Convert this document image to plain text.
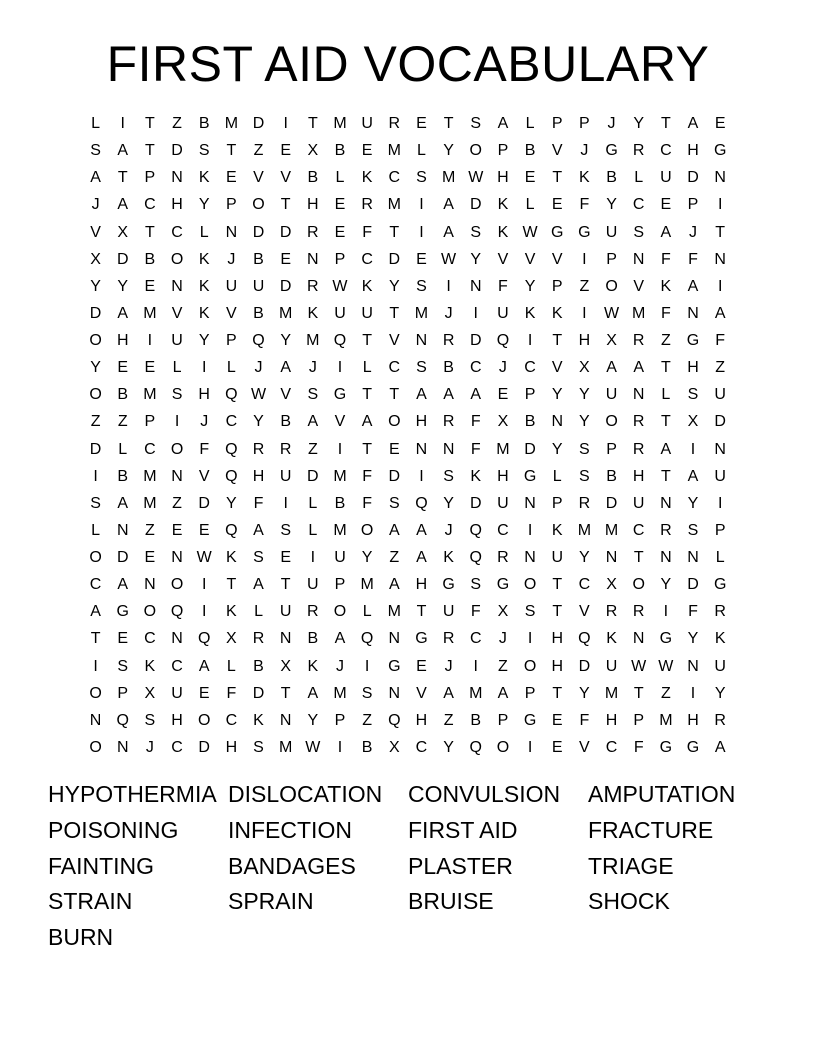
FIRST AID VOCABULARY
L	I	T	Z	B M D	I	T M U R	E	T	S	A	L	P	P	J	Y	T	A	E
S	A	T	D	S	T	Z	E	X	B	E M	L	Y O P	B	V	J	G R C H G
A	T	P	N	K	E	V	V	B	L	K	C	S M W H	E	T	K	B	L	U D N
J	A	C H	Y	P O	T	H	E	R M	I	A	D	K	L	E	F	Y	C	E	P	I
V	X	T	C	L	N D D R	E	F	T	I	A	S	K W G G U	S	A	J	T
X	D	B O K	J	B	E	N	P	C D	E W Y	V	V	V	I	P	N	F	F	N
Y	Y	E	N	K	U U D R W K	Y	S	I	N	F	Y	P	Z	O V	K	A	I
D	A M V	K	V	B M K	U U	T M	J	I	U	K	K	I	W M F	N	A
O H	I	U	Y	P Q Y M Q	T	V	N R D Q	I	T	H	X	R	Z	G	F
Y	E	E	L	I	L	J	A	J	I	L	C	S	B	C	J	C	V	X	A	A	T	H	Z
O B M S	H Q W V	S G	T	T	A	A	A	E	P	Y	Y	U N	L	S	U
Z	Z	P	I	J	C	Y	B	A	V	A O H R	F	X	B	N	Y O R	T	X	D
D	L	C O	F	Q R R	Z	I	T	E	N N	F M D	Y	S	P	R	A	I	N
I	B M N	V Q H U D M F	D	I	S	K	H G	L	S	B	H	T	A	U
S	A M Z	D	Y	F	I	L	B	F	S Q Y	D U N	P	R D U N	Y	I
L	N	Z	E	E Q A	S	L	M O A	A	J	Q C	I	K M M C R	S	P
O D	E	N W K	S	E	I	U	Y	Z	A	K Q R N U	Y	N	T	N N	L
C	A	N O	I	T	A	T	U	P M A	H G S G O	T	C	X O Y	D G
A G O Q	I	K	L	U R O	L	M T	U	F	X	S	T	V	R R	I	F	R
T	E	C N Q X	R N	B	A Q N G R C	J	I	H Q K	N G Y	K
I	S	K	C	A	L	B	X	K	J	I	G E	J	I	Z	O H D U W W N U
O P	X	U	E	F	D	T	A M S	N	V	A M A	P	T	Y M T	Z	I	Y
N Q S	H O C	K	N	Y	P	Z	Q H	Z	B	P G E	F	H	P M H R
O N	J	C D H	S M W	I	B	X	C	Y Q O	I	E	V	C	F	G G A
HYPOTHERMIA DISLOCATION	CONVULSION	AMPUTATION
POISONING	INFECTION	FIRST AID	FRACTURE
FAINTING	BANDAGES	PLASTER	TRIAGE
STRAIN	SPRAIN	BRUISE	SHOCK
BURN
